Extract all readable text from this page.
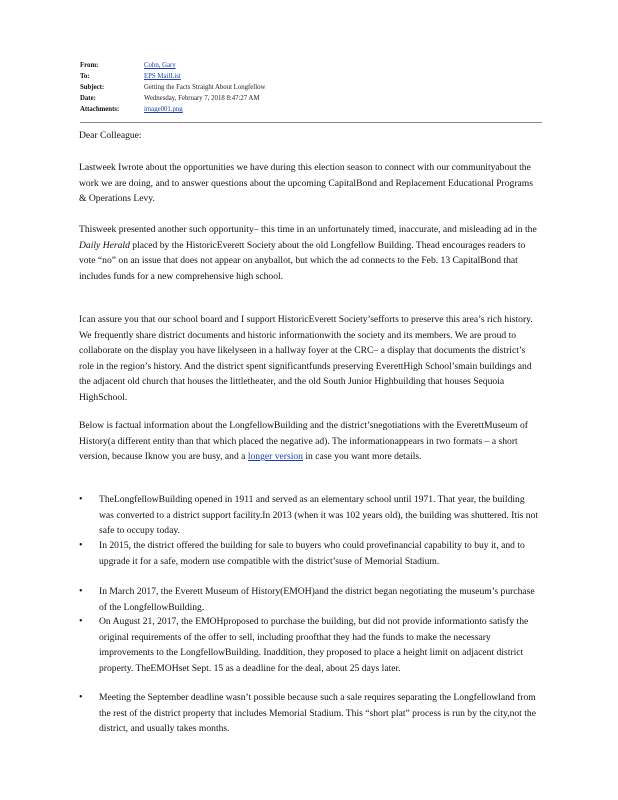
From:	Cohn, Gary
To:	EPS MailList
Subject:	Getting the Facts Straight About Longfellow
Date:	Wednesday, February 7, 2018 8:47:27 AM
Attachments:	image001.png

Dear Colleague:

Lastweek Iwrote about the opportunities we have during this election season to connect with our communityabout the work we are doing, and to answer questions about the upcoming CapitalBond and Replacement Educational Programs & Operations Levy.

Thisweek presented another such opportunity– this time in an unfortunately timed, inaccurate, and misleading ad in the Daily Herald placed by the HistoricEverett Society about the old Longfellow Building. Thead encourages readers to vote “no” on an issue that does not appear on anyballot, but which the ad connects to the Feb. 13 CapitalBond that includes funds for a new comprehensive high school.

Ican assure you that our school board and I support HistoricEverett Society’sefforts to preserve this area’s rich history. We frequently share district documents and historic informationwith the society and its members. We are proud to collaborate on the display you have likelyseen in a hallway foyer at the CRC– a display that documents the district’s role in the region’s history. And the district spent significantfunds preserving EverettHigh School’smain buildings and the adjacent old church that houses the littletheater, and the old South Junior Highbuilding that houses Sequoia HighSchool.

Below is factual information about the LongfellowBuilding and the district’snegotiations with the EverettMuseum of History(a different entity than that which placed the negative ad). The informationappears in two formats – a short version, because Iknow you are busy, and a longer version in case you want more details.

• TheLongfellowBuilding opened in 1911 and served as an elementary school until 1971. That year, the building was converted to a district support facility.In 2013 (when it was 102 years old), the building was shuttered. Itis not safe to occupy today.

• In 2015, the district offered the building for sale to buyers who could provefinancial capability to buy it, and to upgrade it for a safe, modern use compatible with the district’suse of Memorial Stadium.

• In March 2017, the Everett Museum of History(EMOH)and the district began negotiating the museum’s purchase of the LongfellowBuilding.

• On August 21, 2017, the EMOHproposed to purchase the building, but did not provide informationto satisfy the original requirements of the offer to sell, including proofthat they had the funds to make the necessary improvements to the LongfellowBuilding. Inaddition, they proposed to place a height limit on adjacent district property. TheEMOHset Sept. 15 as a deadline for the deal, about 25 days later.

• Meeting the September deadline wasn’t possible because such a sale requires separating the Longfellowland from the rest of the district property that includes Memorial Stadium. This “short plat” process is run by the city,not the district, and usually takes months.
